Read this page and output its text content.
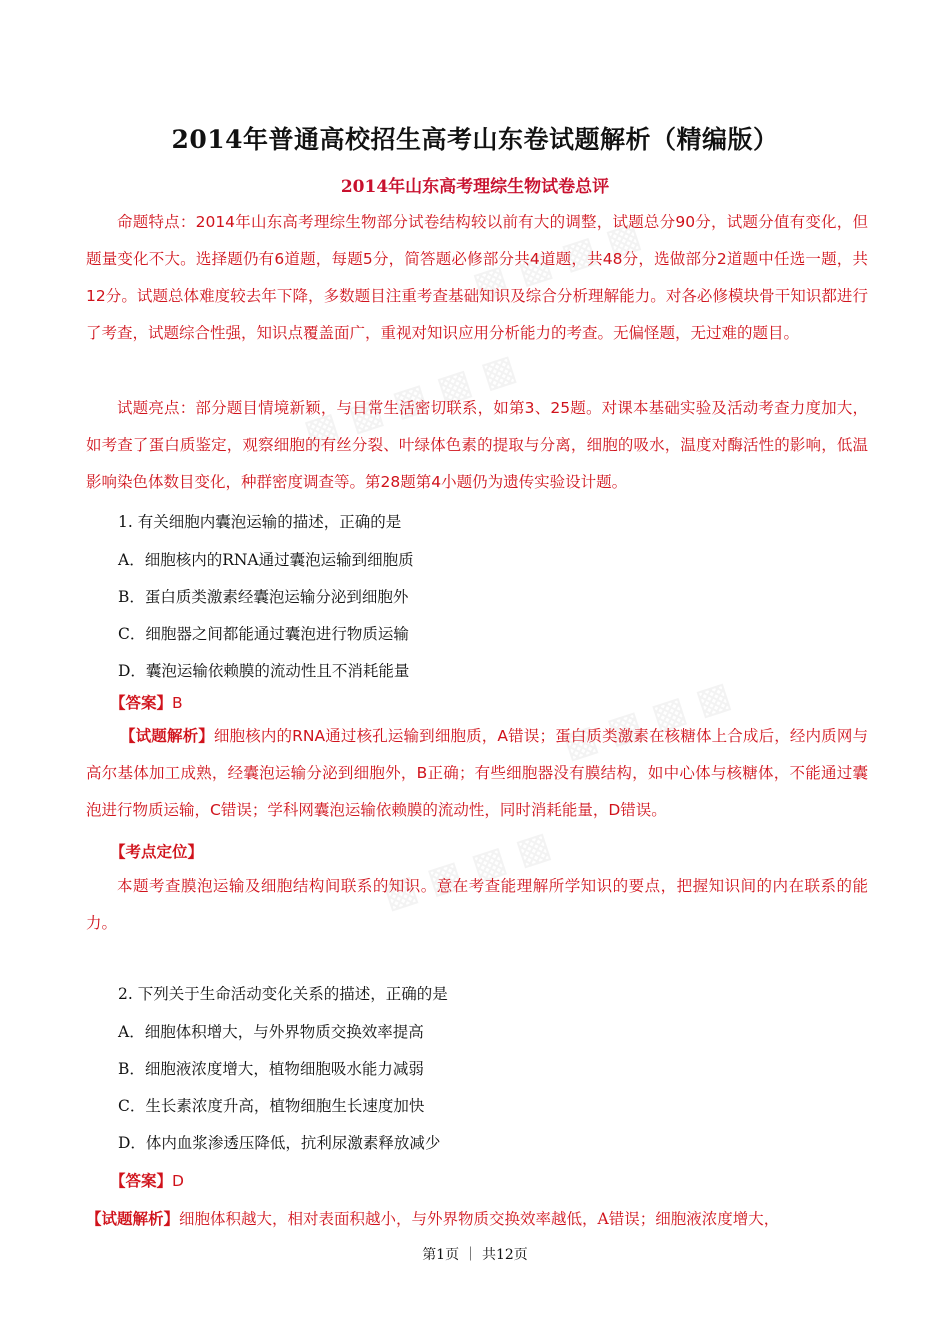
▩ ▩ ▩ ▩
▩ ▩ ▩ ▩ ▩
▩ ▩ ▩ ▩
▩ ▩ ▩ ▩
2014年普通高校招生高考山东卷试题解析（精编版）
2014年山东高考理综生物试卷总评
命题特点：2014年山东高考理综生物部分试卷结构较以前有大的调整，试题总分90分，试题分值有变化，但题量变化不大。选择题仍有6道题，每题5分，简答题必修部分共4道题，共48分，选做部分2道题中任选一题，共12分。试题总体难度较去年下降，多数题目注重考查基础知识及综合分析理解能力。对各必修模块骨干知识都进行了考查，试题综合性强，知识点覆盖面广，重视对知识应用分析能力的考查。无偏怪题，无过难的题目。
试题亮点：部分题目情境新颖，与日常生活密切联系，如第3、25题。对课本基础实验及活动考查力度加大，如考查了蛋白质鉴定，观察细胞的有丝分裂、叶绿体色素的提取与分离，细胞的吸水，温度对酶活性的影响，低温影响染色体数目变化，种群密度调查等。第28题第4小题仍为遗传实验设计题。
1. 有关细胞内囊泡运输的描述，正确的是
A．细胞核内的RNA通过囊泡运输到细胞质
B．蛋白质类激素经囊泡运输分泌到细胞外
C．细胞器之间都能通过囊泡进行物质运输
D．囊泡运输依赖膜的流动性且不消耗能量
【答案】B
【试题解析】细胞核内的RNA通过核孔运输到细胞质，A错误；蛋白质类激素在核糖体上合成后，经内质网与高尔基体加工成熟，经囊泡运输分泌到细胞外，B正确；有些细胞器没有膜结构，如中心体与核糖体，不能通过囊泡进行物质运输，C错误；学科网囊泡运输依赖膜的流动性，同时消耗能量，D错误。
【考点定位】
本题考查膜泡运输及细胞结构间联系的知识。意在考查能理解所学知识的要点，把握知识间的内在联系的能力。
2. 下列关于生命活动变化关系的描述，正确的是
A．细胞体积增大，与外界物质交换效率提高
B．细胞液浓度增大，植物细胞吸水能力减弱
C．生长素浓度升高，植物细胞生长速度加快
D．体内血浆渗透压降低，抗利尿激素释放减少
【答案】D
【试题解析】细胞体积越大，相对表面积越小，与外界物质交换效率越低，A错误；细胞液浓度增大，
第1页 ｜ 共12页
